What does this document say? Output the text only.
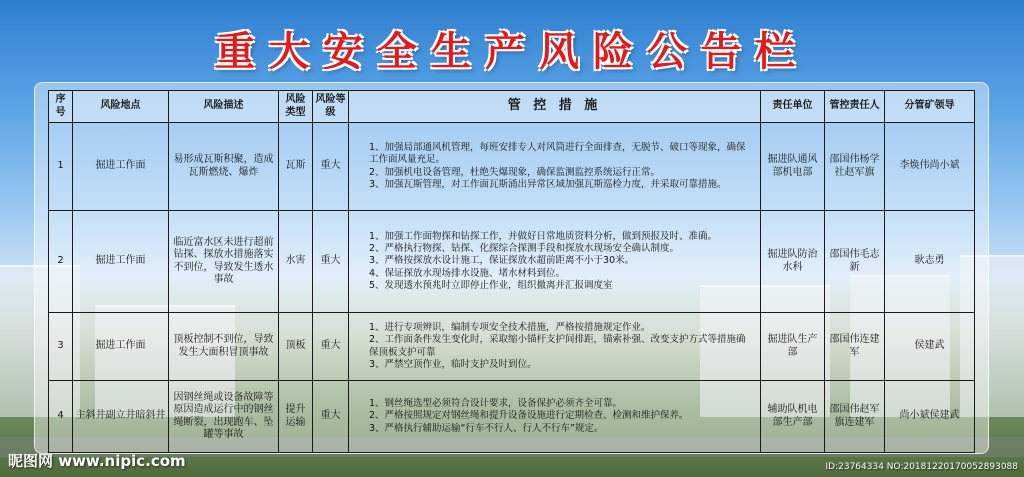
重大安全生产风险公告栏
序号	风险地点	风险描述	风险类型	风险等级	管 控 措 施	责任单位	管控责任人	分管矿领导
1	掘进工作面	易形成瓦斯积聚，造成瓦斯燃烧、爆炸	瓦斯	重大	1、加强局部通风机管理，每班安排专人对风筒进行全面排查，无脱节、破口等现象，确保工作面风量充足。
2、加强机电设备管理，杜绝失爆现象，确保监测监控系统运行正常。
3、加强瓦斯管理，对工作面瓦斯涌出异常区域加强瓦斯巡检力度，并采取可靠措施。	掘进队通风部机电部	邵国伟杨学社赵军旗	李焕伟尚小斌
2	掘进工作面	临近富水区未进行超前钻探、探放水措施落实不到位，导致发生透水事故	水害	重大	1、加强工作面物探和钻探工作，并做好日常地质资料分析，做到预报及时、准确。
2、严格执行物探、钻探、化探综合探测手段和探放水现场安全确认制度。
3、严格按探放水设计施工，保证探放水超前距离不小于30米。
4、保证探放水现场排水设施、堵水材料到位。
5、发现透水预兆时立即停止作业，组织撤离并汇报调度室	掘进队防治水科	邵国伟毛志新	耿志勇
3	掘进工作面	顶板控制不到位，导致发生大面积冒顶事故	顶板	重大	1、进行专项辨识，编制专项安全技术措施，严格按措施规定作业。
2、工作面条件发生变化时，采取缩小锚杆支护间排距，锚索补强、改变支护方式等措施确保顶板支护可靠
3、严禁空顶作业，临时支护及时到位。	掘进队生产部	邵国伟连建军	侯建武
4	主斜井副立井暗斜井	因钢丝绳或设备故障等原因造成运行中的钢丝绳断裂，出现跑车、坠罐等事故	提升运输	重大	1、钢丝绳选型必须符合设计要求，设备保护必须齐全可靠。
2、严格按照规定对钢丝绳和提升设备设施进行定期检查、检测和维护保养。
3、严格执行辅助运输“行车不行人、行人不行车”规定。	辅助队机电部生产部	邵国伟赵军旗连建军	尚小斌侯建武
昵图网 www.nipic.com	ID:23764334 NO:20181220170052893088
